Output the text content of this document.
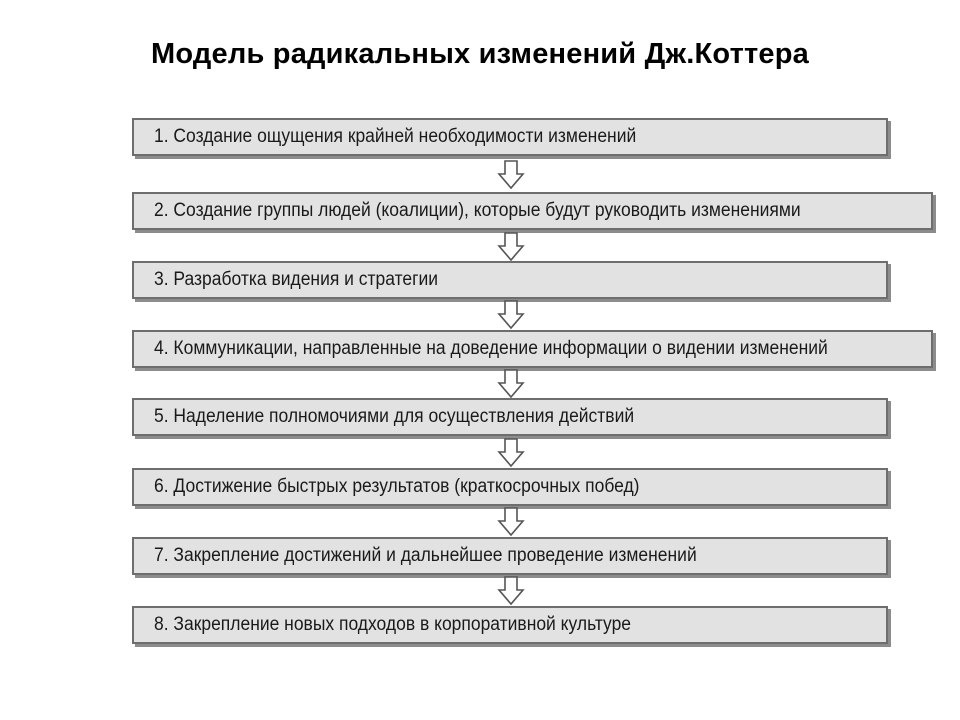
Модель радикальных изменений Дж.Коттера
1. Создание ощущения крайней необходимости изменений
2. Создание группы людей (коалиции), которые будут руководить изменениями
3. Разработка видения и стратегии
4. Коммуникации, направленные на доведение информации о видении изменений
5. Наделение полномочиями для осуществления действий
6. Достижение быстрых результатов (краткосрочных побед)
7. Закрепление достижений и дальнейшее проведение изменений
8. Закрепление новых подходов в корпоративной культуре
